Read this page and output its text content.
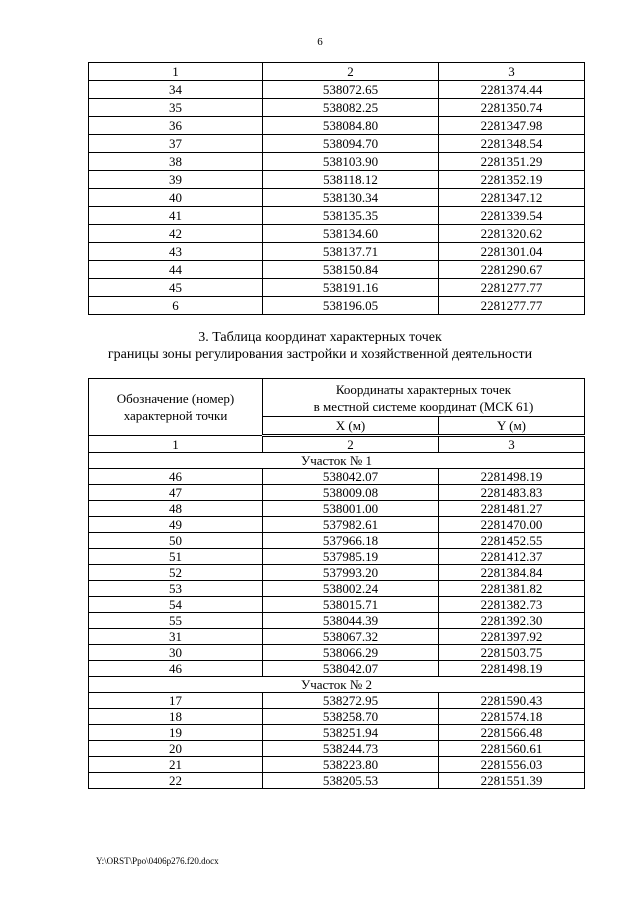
6
1	2	3
34	538072.65	2281374.44
35	538082.25	2281350.74
36	538084.80	2281347.98
37	538094.70	2281348.54
38	538103.90	2281351.29
39	538118.12	2281352.19
40	538130.34	2281347.12
41	538135.35	2281339.54
42	538134.60	2281320.62
43	538137.71	2281301.04
44	538150.84	2281290.67
45	538191.16	2281277.77
6	538196.05	2281277.77
3. Таблица координат характерных точек
границы зоны регулирования застройки и хозяйственной деятельности
Обозначение (номер) характерной точки	Координаты характерных точек
в местной системе координат (МСК 61)	
	X (м)	Y (м)
1	2	3
Участок № 1		
46	538042.07	2281498.19
47	538009.08	2281483.83
48	538001.00	2281481.27
49	537982.61	2281470.00
50	537966.18	2281452.55
51	537985.19	2281412.37
52	537993.20	2281384.84
53	538002.24	2281381.82
54	538015.71	2281382.73
55	538044.39	2281392.30
31	538067.32	2281397.92
30	538066.29	2281503.75
46	538042.07	2281498.19
Участок № 2		
17	538272.95	2281590.43
18	538258.70	2281574.18
19	538251.94	2281566.48
20	538244.73	2281560.61
21	538223.80	2281556.03
22	538205.53	2281551.39
Y:\ORST\Ppo\0406p276.f20.docx
